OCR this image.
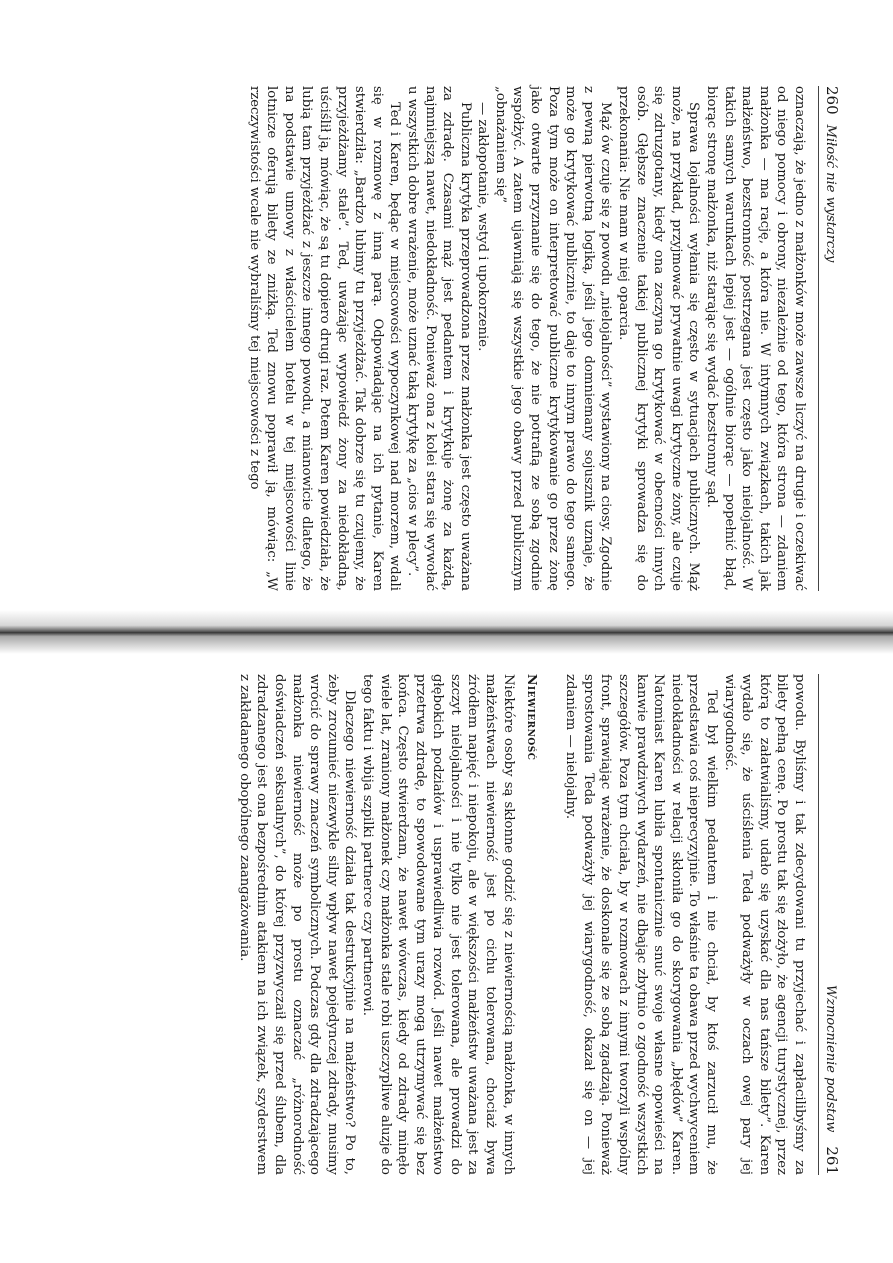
260
Miłość nie wystarczy

oznaczają, że jedno z małżonków może zawsze liczyć na drugie i oczekiwać od niego pomocy i obrony, niezależnie od tego, która strona — zdaniem małżonka — ma rację, a która nie. W intymnych związkach, takich jak małżeństwo, bezstronność postrzegana jest często jako nielojalność. W takich samych warunkach lepiej jest — ogólnie biorąc — popełnić błąd, biorąc stronę małżonka, niż starając się wydać bezstronny sąd.

Sprawa lojalności wyłania się często w sytuacjach publicznych. Mąż może, na przykład, przyjmować prywatnie uwagi krytyczne żony, ale czuje się zdruzgotany, kiedy ona zaczyna go krytykować w obecności innych osób. Głębsze znaczenie takiej publicznej krytyki sprowadza się do przekonania: Nie mam w niej oparcia.

Mąż ów czuje się z powodu „nielojalności” wystawiony na ciosy. Zgodnie z pewną pierwotną logiką, jeśli jego domniemany sojusznik uznaje, że może go krytykować publicznie, to daje to innym prawo do tego samego. Poza tym może on interpretować publiczne krytykowanie go przez żonę jako otwarte przyznanie się do tego, że nie potrafią ze sobą zgodnie współżyć. A zatem ujawniają się wszystkie jego obawy przed publicznym „obnażaniem się”

— zakłopotanie, wstyd i upokorzenie.

Publiczna krytyka przeprowadzona przez małżonka jest często uważana za zdradę. Czasami mąż jest pedantem i krytykuje żonę za każdą, najmniejszą nawet, niedokładność. Ponieważ ona z kolei stara się wywołać u wszystkich dobre wrażenie, może uznać taką krytykę za „cios w plecy”.

Ted i Karen, będąc w miejscowości wypoczynkowej nad morzem, wdali się w rozmowę z inną parą. Odpowiadając na ich pytanie, Karen stwierdziła: „Bardzo lubimy tu przyjeżdżać. Tak dobrze się tu czujemy, że przyjeżdżamy stale”. Ted, uważając wypowiedź żony za niedokładną, uściślił ją, mówiąc, że są tu dopiero drugi raz. Potem Karen powiedziała, że lubią tam przyjeżdżać z jeszcze innego powodu, a mianowicie dlatego, że na podstawie umowy z właścicielem hotelu w tej miejscowości linie lotnicze oferują bilety ze zniżką. Ted znowu poprawił ją, mówiąc: „W rzeczywistości wcale nie wybraliśmy tej miejscowości z tego

Wzmocnienie podstaw
261

powodu. Byliśmy i tak zdecydowani tu przyjechać i zapłacilibyśmy za bilety pełną cenę. Po prostu tak się złożyło, że agencji turystycznej, przez którą to załatwialiśmy, udało się uzyskać dla nas tańsze bilety”. Karen wydało się, że uściślenia Teda podważyły w oczach owej pary jej wiarygodność.

Ted był wielkim pedantem i nie chciał, by ktoś zarzucił mu, że przedstawia coś nieprecyzyjnie. To właśnie ta obawa przed wychwyceniem niedokładności w relacji skłoniła go do skorygowania „błędów” Karen. Natomiast Karen lubiła spontanicznie snuć swoje własne opowieści na kanwie prawdziwych wydarzeń, nie dbając zbytnio o zgodność wszystkich szczegółów. Poza tym chciała, by w rozmowach z innymi tworzyli wspólny front, sprawiając wrażenie, że doskonale się ze sobą zgadzają. Ponieważ sprostowania Teda podważyły jej wiarygodność, okazał się on — jej zdaniem — nielojalny.

Niewierność

Niektóre osoby są skłonne godzić się z niewiernością małżonka, w innych małżeństwach niewierność jest po cichu tolerowana, chociaż bywa źródłem napięć i niepokoju, ale w większości małżeństw uważana jest za szczyt nielojalności i nie tylko nie jest tolerowana, ale prowadzi do głębokich podziałów i usprawiedliwia rozwód. Jeśli nawet małżeństwo przetrwa zdradę, to spowodowane tym urazy mogą utrzymywać się bez końca. Często stwierdzam, że nawet wówczas, kiedy od zdrady minęło wiele lat, zraniony małżonek czy małżonka stale robi uszczypliwe aluzje do tego faktu i wbija szpilki partnerce czy partnerowi.

Dlaczego niewierność działa tak destrukcyjnie na małżeństwo? Po to, żeby zrozumieć niezwykle silny wpływ nawet pojedynczej zdrady, musimy wrócić do sprawy znaczeń symbolicznych. Podczas gdy dla zdradzającego małżonka niewierność może po prostu oznaczać „różnorodność doświadczeń seksualnych”, do której przyzwyczaił się przed ślubem, dla zdradzanego jest ona bezpośrednim atakiem na ich związek, szyderstwem z zakładanego obopólnego zaangażowania.
